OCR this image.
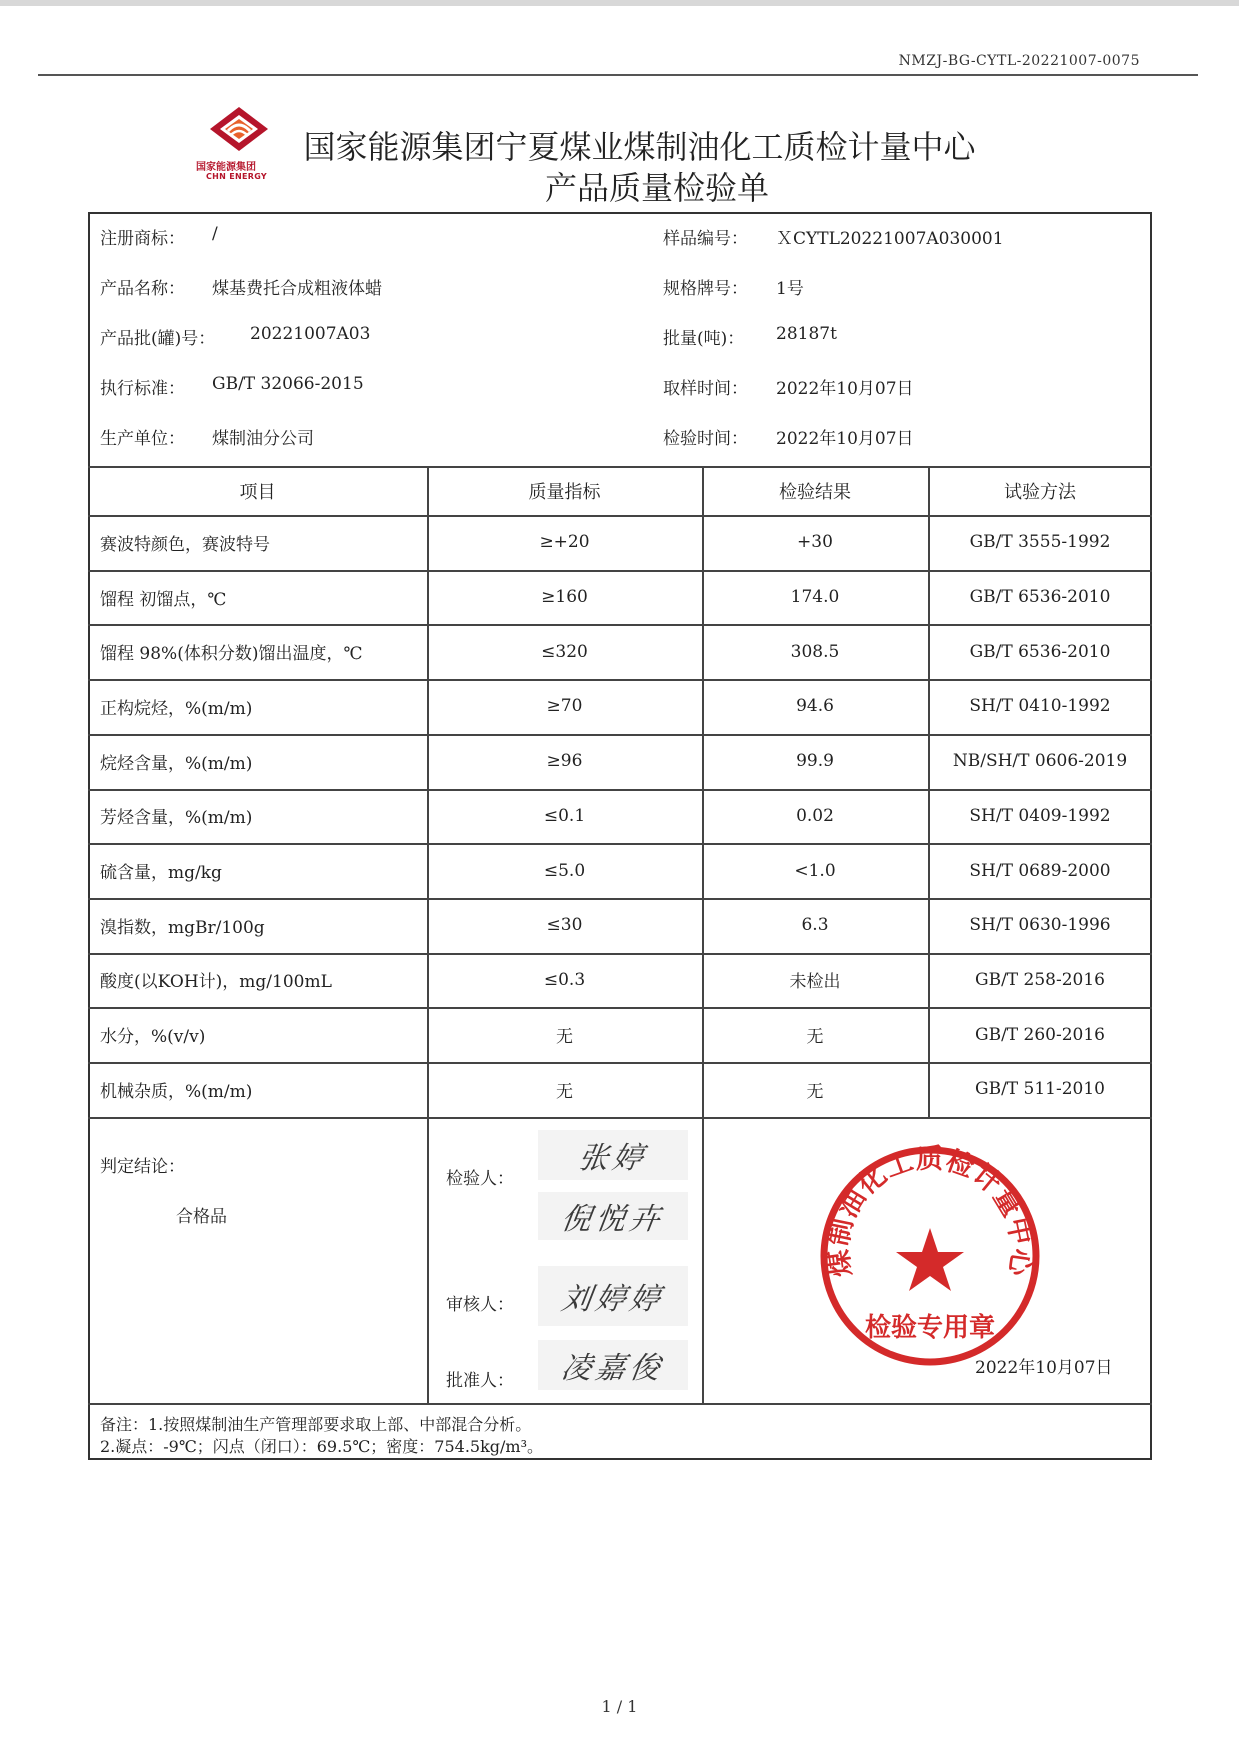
NMZJ-BG-CYTL-20221007-0075
国家能源集团
CHN ENERGY
国家能源集团宁夏煤业煤制油化工质检计量中心
产品质量检验单
注册商标： /	样品编号： ＸCYTL20221007A030001
产品名称： 煤基费托合成粗液体蜡	规格牌号： 1号
产品批(罐)号： 20221007A03	批量(吨)： 28187t
执行标准： GB/T 32066-2015	取样时间： 2022年10月07日
生产单位： 煤制油分公司	检验时间： 2022年10月07日
项目	质量指标	检验结果	试验方法
赛波特颜色，赛波特号	≥+20	+30	GB/T 3555-1992
馏程 初馏点，℃	≥160	174.0	GB/T 6536-2010
馏程 98%(体积分数)馏出温度，℃	≤320	308.5	GB/T 6536-2010
正构烷烃，%(m/m)	≥70	94.6	SH/T 0410-1992
烷烃含量，%(m/m)	≥96	99.9	NB/SH/T 0606-2019
芳烃含量，%(m/m)	≤0.1	0.02	SH/T 0409-1992
硫含量，mg/kg	≤5.0	<1.0	SH/T 0689-2000
溴指数，mgBr/100g	≤30	6.3	SH/T 0630-1996
酸度(以KOH计)，mg/100mL	≤0.3	未检出	GB/T 258-2016
水分，%(v/v)	无	无	GB/T 260-2016
机械杂质，%(m/m)	无	无	GB/T 511-2010
判定结论：
合格品
检验人：
审核人：
批准人：
张婷
倪悦卉
刘婷婷
凌嘉俊
煤制油化工质检计量中心
检验专用章
2022年10月07日
备注：1.按照煤制油生产管理部要求取上部、中部混合分析。
2.凝点：-9℃；闪点（闭口）：69.5℃；密度：754.5kg/m³。
1 / 1
